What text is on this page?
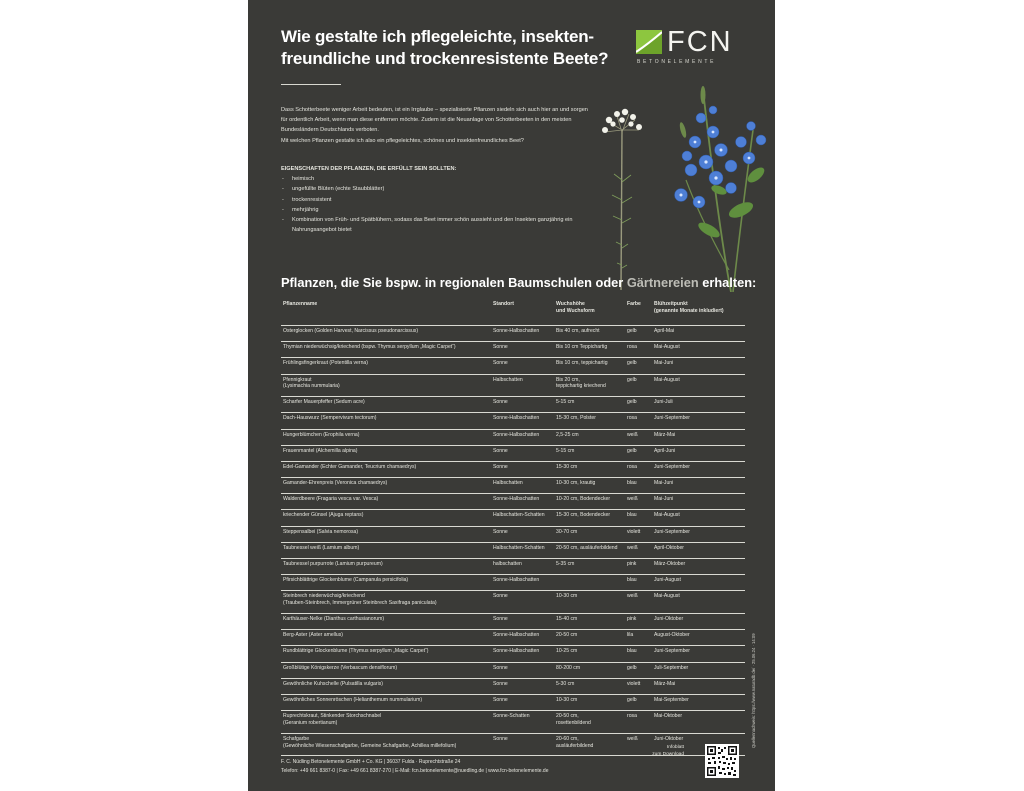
Wie gestalte ich pflegeleichte, insekten-
freundliche und trockenresistente Beete?
FCN
BETONELEMENTE

Dass Schotterbeete weniger Arbeit bedeuten, ist ein Irrglaube – spezialisierte Pflanzen siedeln sich auch hier an und sorgen für ordentlich Arbeit, wenn man diese entfernen möchte. Zudem ist die Neuanlage von Schotterbeeten in den meisten Bundesländern Deutschlands verboten.

Mit welchen Pflanzen gestalte ich also ein pflegeleichtes, schönes und insektenfreundliches Beet?

EIGENSCHAFTEN DER PFLANZEN, DIE ERFÜLLT SEIN SOLLTEN:

- heimisch
- ungefüllte Blüten (echte Staubblätter)
- trockenresistent
- mehrjährig
- Kombination von Früh- und Spätblühern, sodass das Beet immer schön aussieht und den Insekten ganzjährig ein Nahrungsangebot bietet
Pflanzen, die Sie bspw. in regionalen Baumschulen oder Gärtnereien erhalten:
Pflanzenname	Standort	Wuchshöhe
und Wuchsform	Farbe	Blühzeitpunkt
(genannte Monate inkludiert)
Osterglocken (Golden Harvest, Narcissus pseudonarcissus)	Sonne-Halbschatten	Bis 40 cm, aufrecht	gelb	April-Mai
Thymian niederwüchsig/kriechend (bspw. Thymus serpyllum „Magic Carpet“)	Sonne	Bis 10 cm Teppichartig	rosa	Mai-August
Frühlingsfingerkraut (Potentilla verna)	Sonne	Bis 10 cm, teppichartig	gelb	Mai-Juni
Pfennigkraut
(Lysimachia nummularia)	Halbschatten	Bis 20 cm,
teppichartig kriechend	gelb	Mai-August
Scharfer Mauerpfeffer (Sedum acre)	Sonne	5-15 cm	gelb	Juni-Juli
Dach-Hauswurz (Sempervivum tectorum)	Sonne-Halbschatten	15-30 cm, Polster	rosa	Juni-September
Hungerblümchen (Erophila verna)	Sonne-Halbschatten	2,5-25 cm	weiß	März-Mai
Frauenmantel (Alchemilla alpina)	Sonne	5-15 cm	gelb	April-Juni
Edel-Gamander (Echter Gamander, Teucrium chamaedrys)	Sonne	15-30 cm	rosa	Juni-September
Gamander-Ehrenpreis (Veronica chamaedrys)	Halbschatten	10-30 cm, krautig	blau	Mai-Juni
Walderdbeere (Fragaria vesca var. Vesca)	Sonne-Halbschatten	10-20 cm, Bodendecker	weiß	Mai-Juni
kriechender Günsel (Ajuga reptans)	Halbschatten-Schatten	15-30 cm, Bodendecker	blau	Mai-August
Steppensalbei (Salvia nemorosa)	Sonne	30-70 cm	violett	Juni-September
Taubnessel weiß (Lamium album)	Halbschatten-Schatten	20-50 cm, ausläuferbildend	weiß	April-Oktober
Taubnessel purpurrote (Lamium purpureum)	halbschatten	5-35 cm	pink	März-Oktober
Pfirsichblättrige Glockenblume (Campanula persicifolia)	Sonne-Halbschatten		blau	Juni-August
Steinbrech niederwüchsig/kriechend
(Trauben-Steinbrech, Immergrüner Steinbrech Saxifraga paniculata)	Sonne	10-30 cm	weiß	Mai-August
Karthäuser-Nelke (Dianthus carthusianorum)	Sonne	15-40 cm	pink	Juni-Oktober
Berg-Aster (Aster amellus)	Sonne-Halbschatten	20-50 cm	lila	August-Oktober
Rundblättrige Glockenblume (Thymus serpyllum „Magic Carpet“)	Sonne-Halbschatten	10-25 cm	blau	Juni-September
Großblütige Königskerze (Verbascum densiflorum)	Sonne	80-200 cm	gelb	Juli-September
Gewöhnliche Kuhschelle (Pulsatilla vulgaris)	Sonne	5-30 cm	violett	März-Mai
Gewöhnliches Sonnenröschen (Helianthemum nummularium)	Sonne	10-30 cm	gelb	Mai-September
Ruprechtskraut, Stinkender Storchschnabel
(Geranium robertianum)	Sonne-Schatten	20-50 cm,
rosettenbildend	rosa	Mai-Oktober
Schafgarbe
(Gewöhnliche Wiesenschafgarbe, Gemeine Schafgarbe, Achillea millefolium)	Sonne	20-60 cm,
ausläuferbildend	weiß	Juni-Oktober

F. C. Nüdling Betonelemente GmbH + Co. KG | 36037 Fulda · Ruprechtstraße 24

Telefon: +49 661 8387-0 | Fax: +49 661 8387-270 | E-Mail: fcn.betonelemente@nuedling.de | www.fcn-betonelemente.de

Infoblatt
zum Download
Quellennachweis: https://www.naturadb.de/ · 25.06.24 · 14:09
